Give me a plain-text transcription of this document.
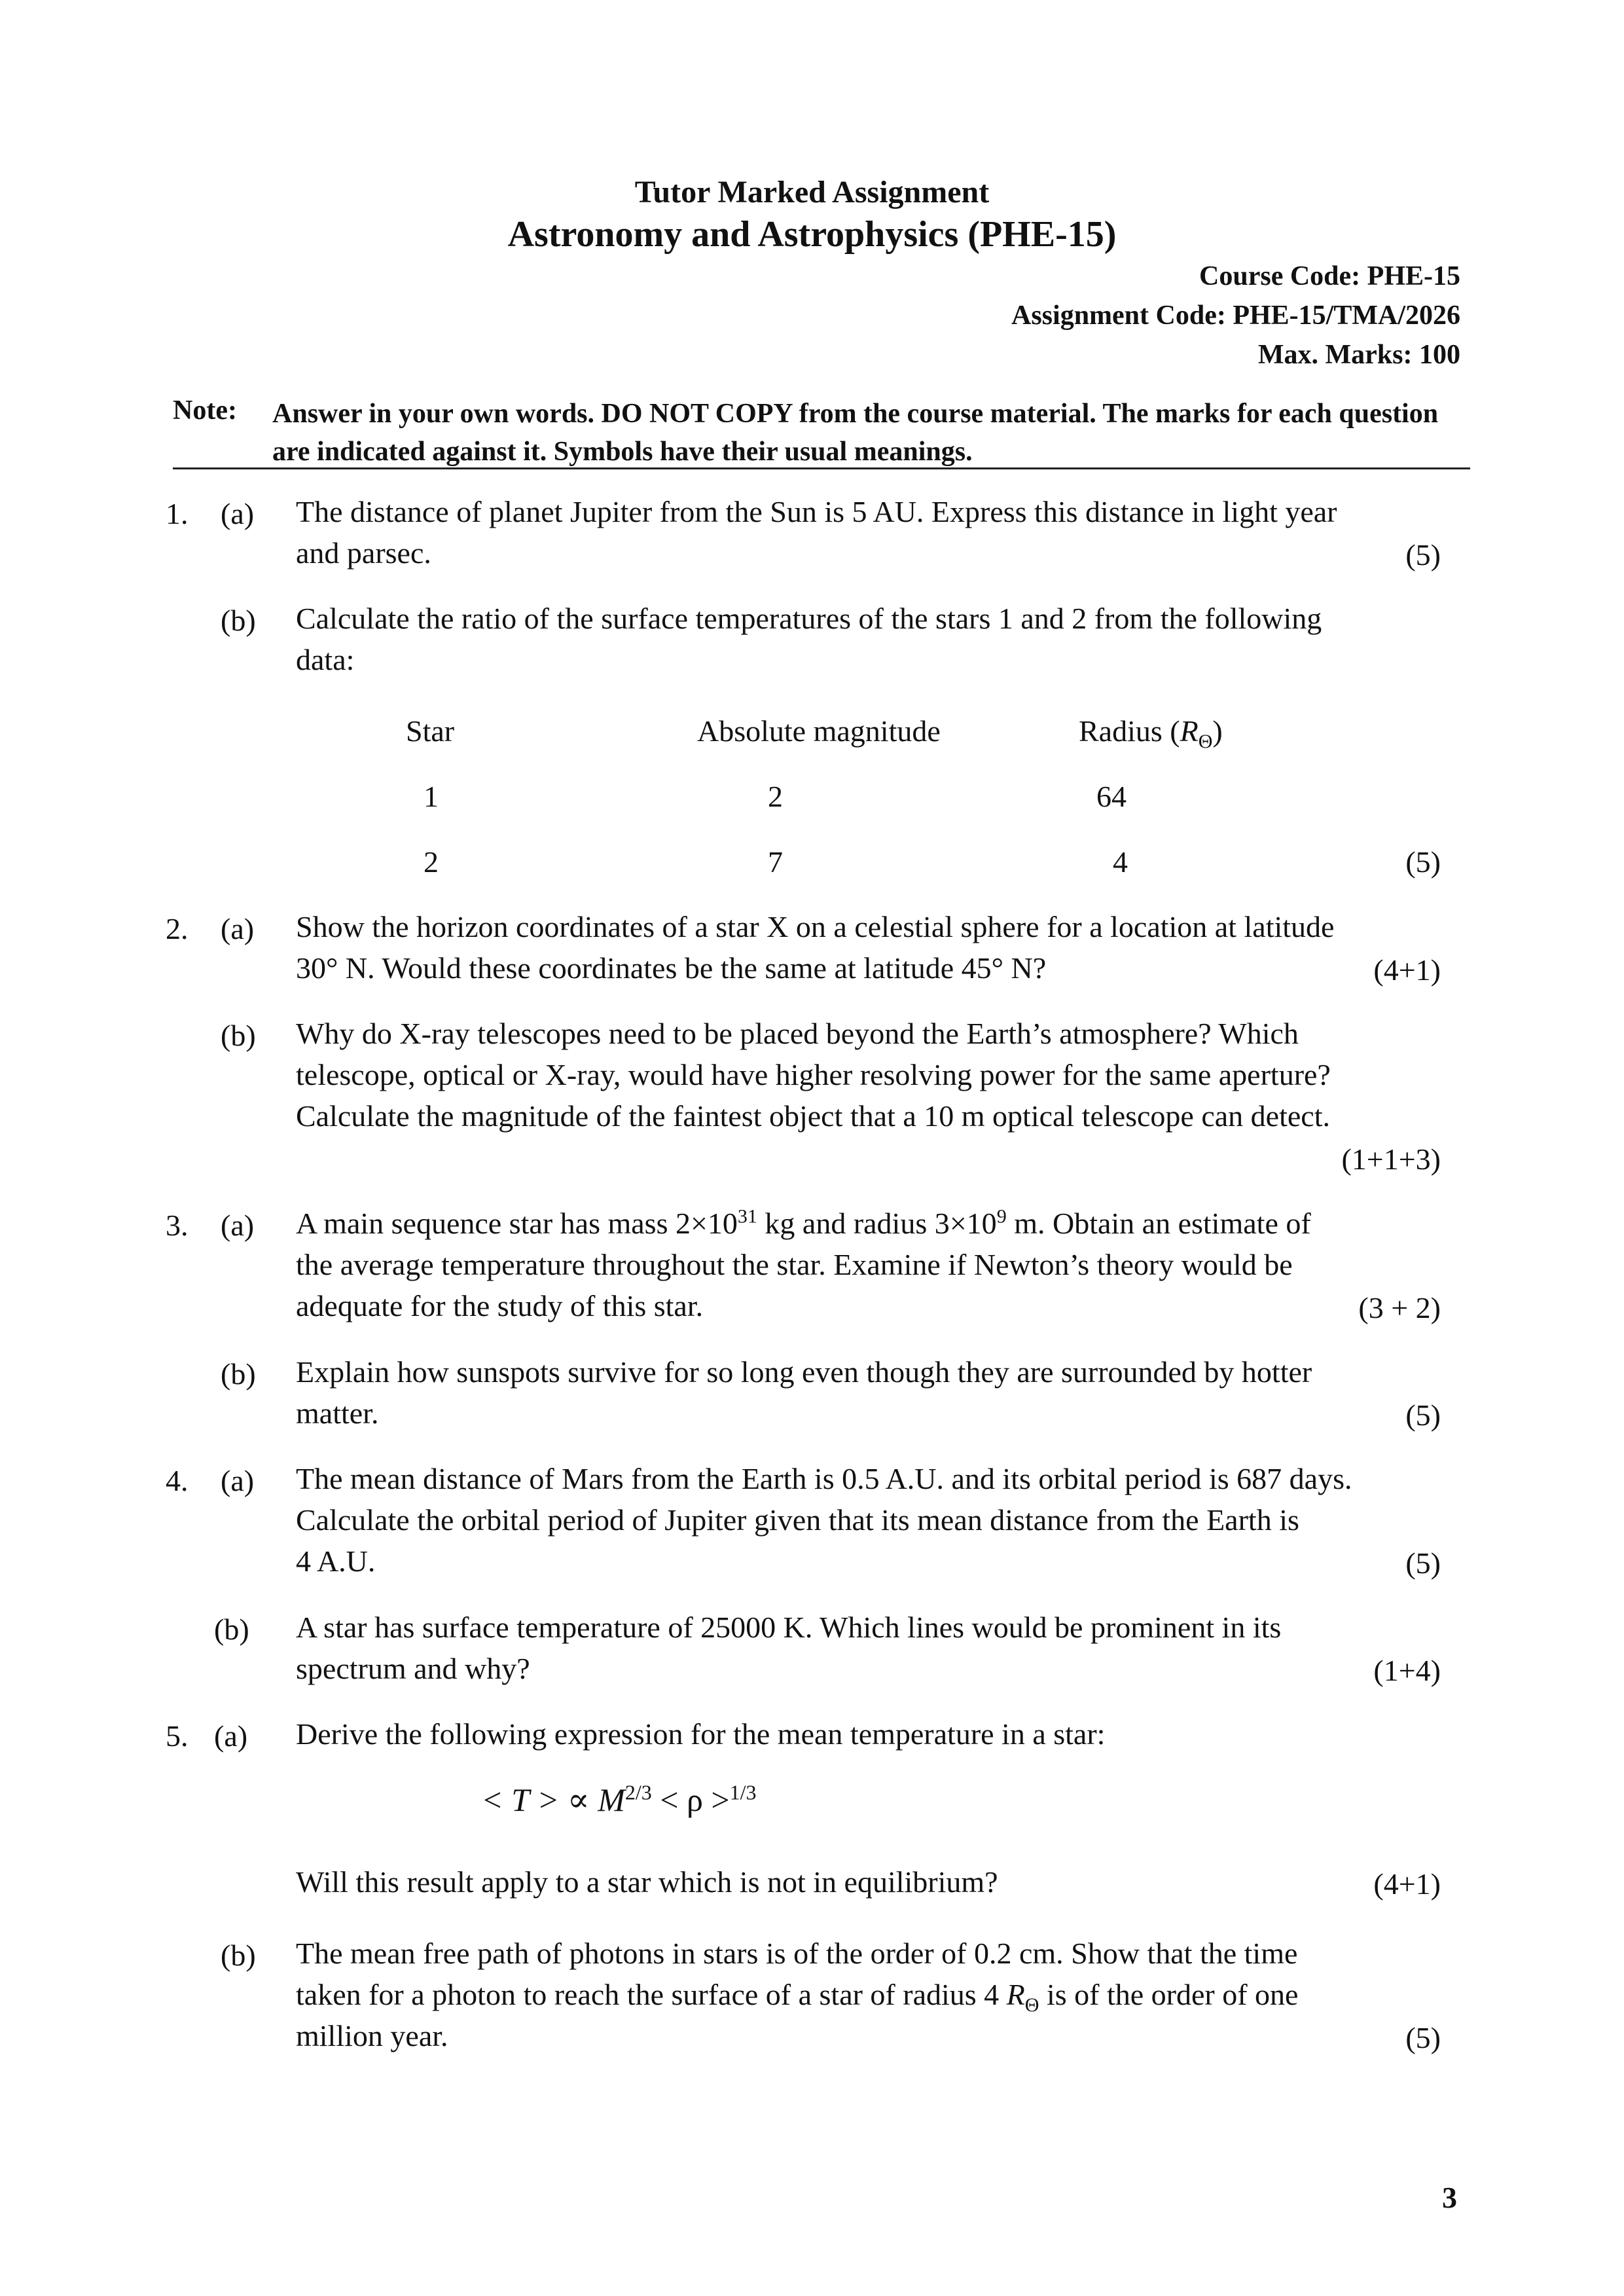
Tutor Marked Assignment
Astronomy and Astrophysics (PHE-15)
Course Code: PHE-15
Assignment Code: PHE-15/TMA/2026
Max. Marks: 100
Note: Answer in your own words. DO NOT COPY from the course material. The marks for each question are indicated against it. Symbols have their usual meanings.
1. (a) The distance of planet Jupiter from the Sun is 5 AU. Express this distance in light year
and parsec.	(5)
(b) Calculate the ratio of the surface temperatures of the stars 1 and 2 from the following
data:
Star	Absolute magnitude	Radius $(R_\Theta)$
1	2	64
2	7	4	(5)
2. (a) Show the horizon coordinates of a star X on a celestial sphere for a location at latitude
30° N. Would these coordinates be the same at latitude 45° N?	(4+1)
(b) Why do X-ray telescopes need to be placed beyond the Earth’s atmosphere? Which
telescope, optical or X-ray, would have higher resolving power for the same aperture?
Calculate the magnitude of the faintest object that a 10 m optical telescope can detect.
(1+1+3)
3. (a) A main sequence star has mass $2\times 10^{31}$ kg and radius $3\times 10^9$ m. Obtain an estimate of
the average temperature throughout the star. Examine if Newton’s theory would be
adequate for the study of this star.	(3 + 2)
(b) Explain how sunspots survive for so long even though they are surrounded by hotter
matter.	(5)
4. (a) The mean distance of Mars from the Earth is 0.5 A.U. and its orbital period is 687 days.
Calculate the orbital period of Jupiter given that its mean distance from the Earth is
4 A.U.	(5)
(b) A star has surface temperature of 25000 K. Which lines would be prominent in its
spectrum and why?	(1+4)
5. (a) Derive the following expression for the mean temperature in a star:
< T > ∝ $M^{2/3} < \rho >^{1/3}$
Will this result apply to a star which is not in equilibrium?	(4+1)
(b) The mean free path of photons in stars is of the order of 0.2 cm. Show that the time
taken for a photon to reach the surface of a star of radius 4 $R_\Theta$ is of the order of one
million year.	(5)
3
